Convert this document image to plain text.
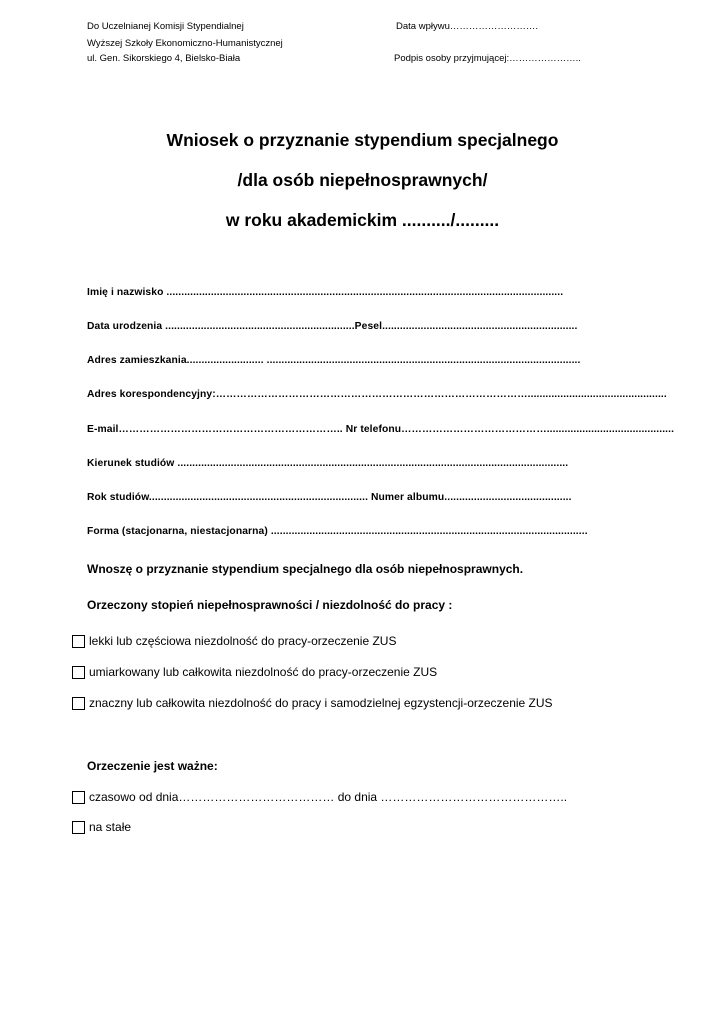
Do Uczelnianej Komisji Stypendialnej
Wyższej Szkoły Ekonomiczno-Humanistycznej
ul. Gen. Sikorskiego 4, Bielsko-Biała
Data wpływu……………………….
Podpis osoby przyjmującej:…………………..
Wniosek o przyznanie stypendium specjalnego
/dla osób niepełnosprawnych/
w roku akademickim ........../.........
Imię i nazwisko ......................................................................................................................................
Data urodzenia ................................................................Pesel..................................................................
Adres zamieszkania.......................... ..........................................................................................................
Adres korespondencyjny:………………………………………………………………………………...............................................
E-mail……………………………………………………….. Nr telefonu……………………………………...........................................
Kierunek studiów ....................................................................................................................................
Rok studiów.......................................................................... Numer albumu...........................................
Forma (stacjonarna, niestacjonarna) ...........................................................................................................
Wnoszę o przyznanie stypendium specjalnego dla osób niepełnosprawnych.
Orzeczony stopień niepełnosprawności / niezdolność do pracy :
lekki lub częściowa niezdolność do pracy-orzeczenie ZUS
umiarkowany lub całkowita niezdolność do pracy-orzeczenie ZUS
znaczny lub całkowita niezdolność do pracy i samodzielnej egzystencji-orzeczenie ZUS
Orzeczenie jest ważne:
czasowo od dnia………………………………… do dnia ………………………………………..
na stałe
